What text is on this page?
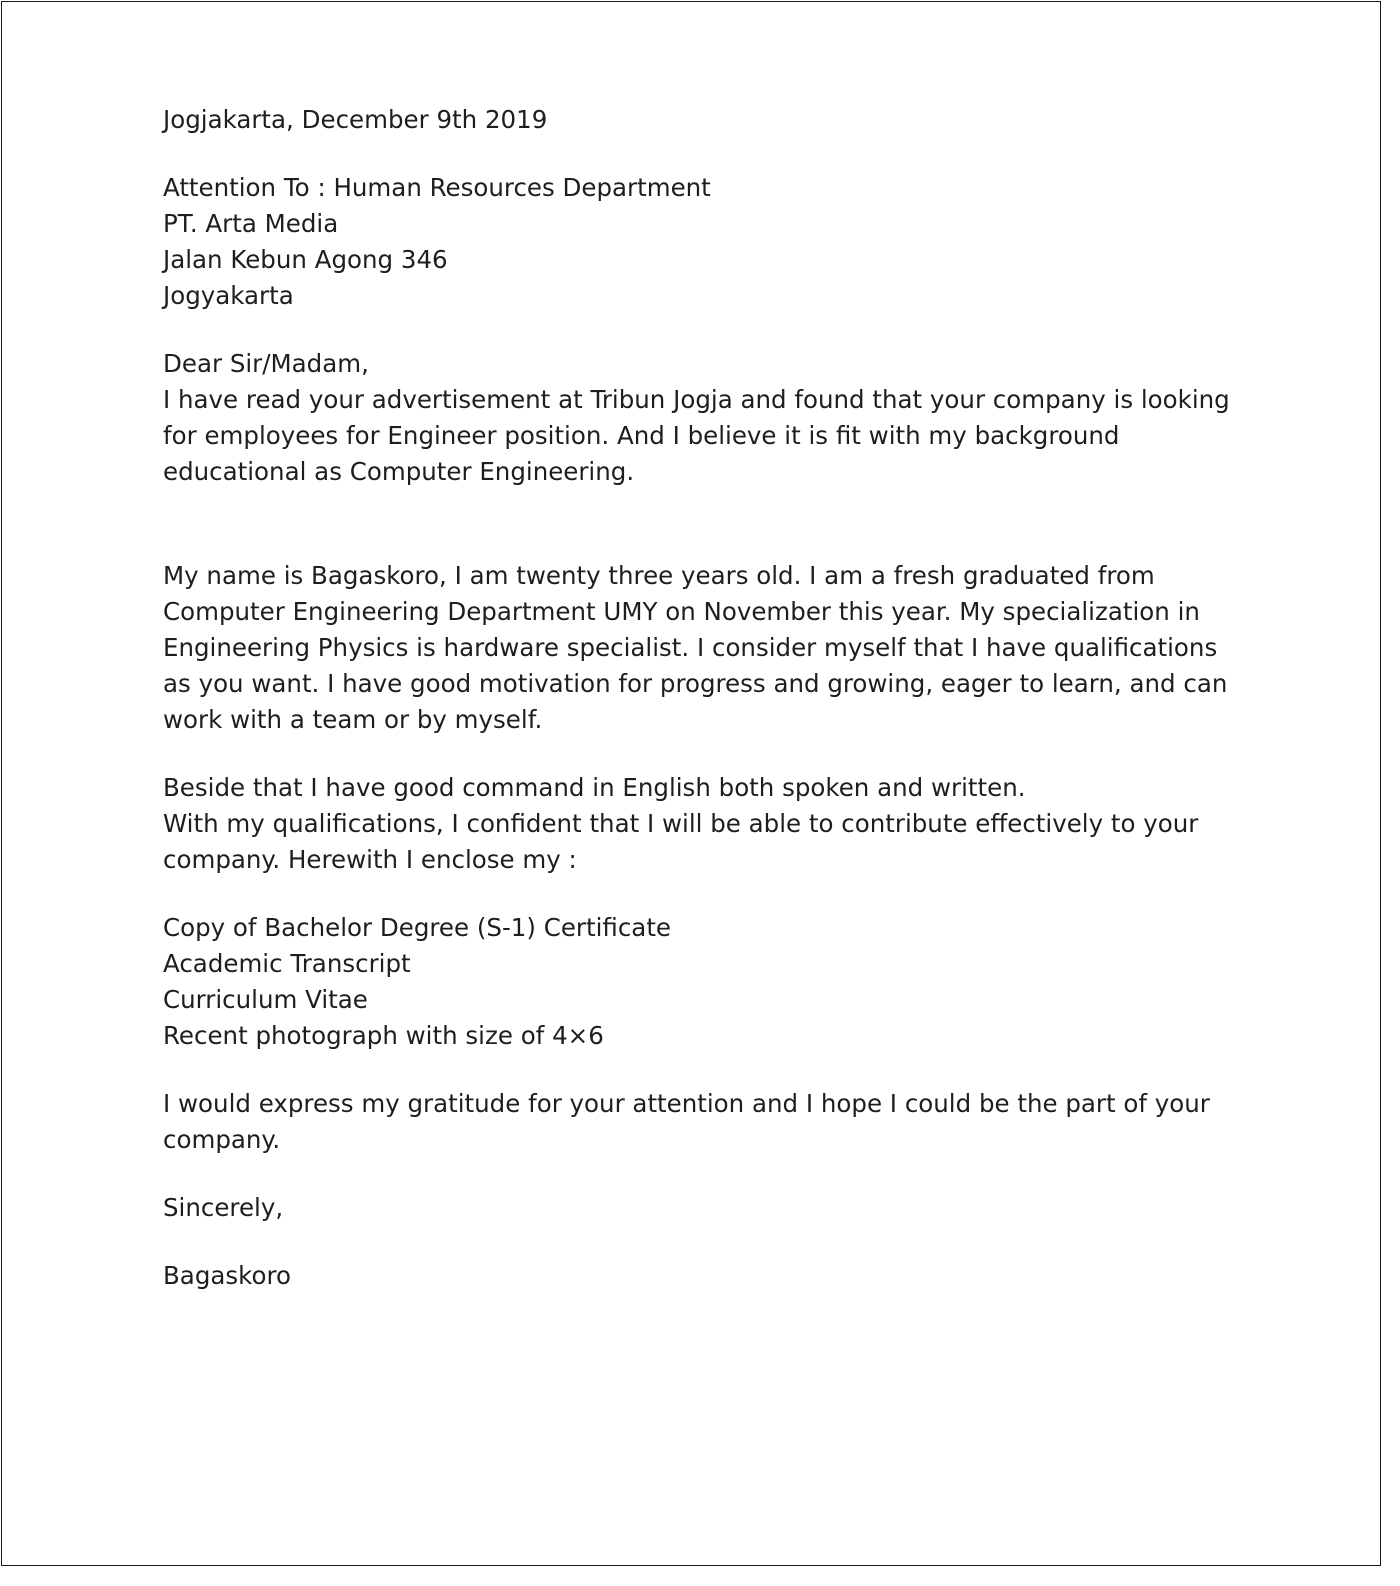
Jogjakarta, December 9th 2019

Attention To : Human Resources Department

PT. Arta Media

Jalan Kebun Agong 346

Jogyakarta

Dear Sir/Madam,

I have read your advertisement at Tribun Jogja and found that your company is looking for employees for Engineer position. And I believe it is fit with my background educational as Computer Engineering.

My name is Bagaskoro, I am twenty three years old. I am a fresh graduated from Computer Engineering Department UMY on November this year. My specialization in Engineering Physics is hardware specialist. I consider myself that I have qualifications as you want. I have good motivation for progress and growing, eager to learn, and can work with a team or by myself.

Beside that I have good command in English both spoken and written.

With my qualifications, I confident that I will be able to contribute effectively to your company. Herewith I enclose my :

Copy of Bachelor Degree (S-1) Certificate
Academic Transcript
Curriculum Vitae
Recent photograph with size of 4×6

I would express my gratitude for your attention and I hope I could be the part of your company.

Sincerely,

Bagaskoro
